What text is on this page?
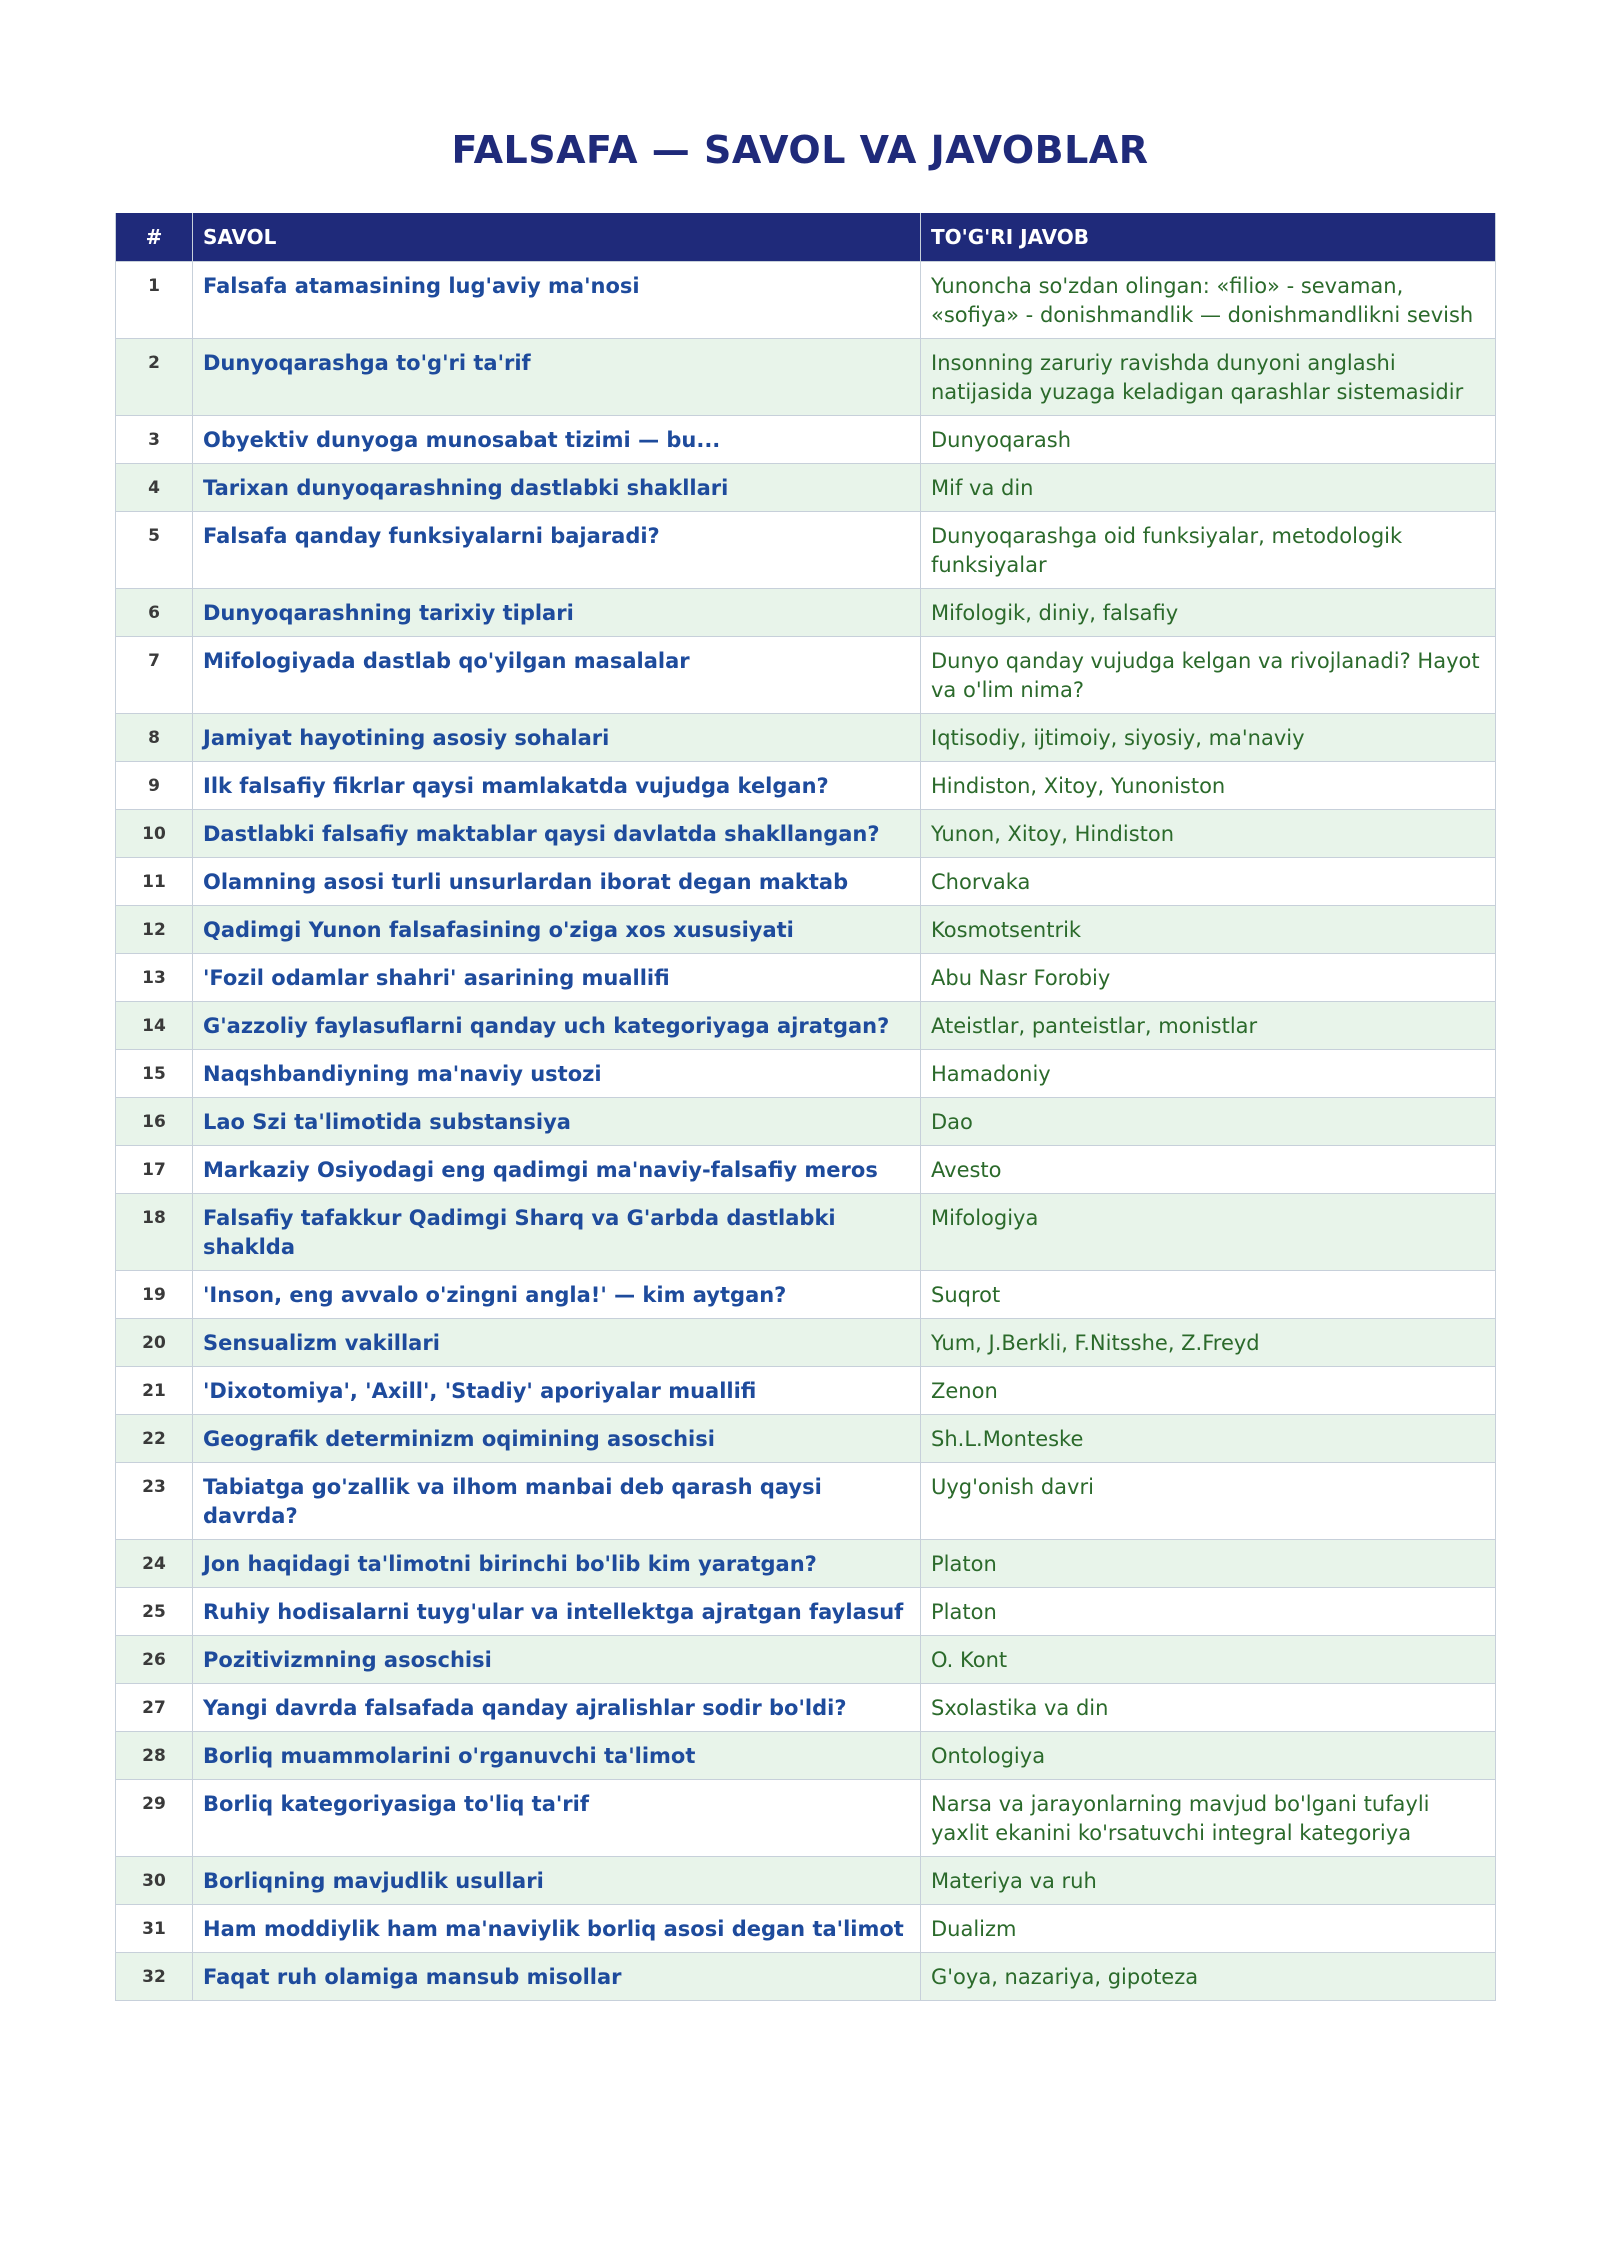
FALSAFA — SAVOL VA JAVOBLAR
#	SAVOL	TO'G'RI JAVOB
1	Falsafa atamasining lug'aviy ma'nosi	Yunoncha so'zdan olingan: «filio» - sevaman, «sofiya» - donishmandlik — donishmandlikni sevish
2	Dunyoqarashga to'g'ri ta'rif	Insonning zaruriy ravishda dunyoni anglashi natijasida yuzaga keladigan qarashlar sistemasidir
3	Obyektiv dunyoga munosabat tizimi — bu...	Dunyoqarash
4	Tarixan dunyoqarashning dastlabki shakllari	Mif va din
5	Falsafa qanday funksiyalarni bajaradi?	Dunyoqarashga oid funksiyalar, metodologik funksiyalar
6	Dunyoqarashning tarixiy tiplari	Mifologik, diniy, falsafiy
7	Mifologiyada dastlab qo'yilgan masalalar	Dunyo qanday vujudga kelgan va rivojlanadi? Hayot va o'lim nima?
8	Jamiyat hayotining asosiy sohalari	Iqtisodiy, ijtimoiy, siyosiy, ma'naviy
9	Ilk falsafiy fikrlar qaysi mamlakatda vujudga kelgan?	Hindiston, Xitoy, Yunoniston
10	Dastlabki falsafiy maktablar qaysi davlatda shakllangan?	Yunon, Xitoy, Hindiston
11	Olamning asosi turli unsurlardan iborat degan maktab	Chorvaka
12	Qadimgi Yunon falsafasining o'ziga xos xususiyati	Kosmotsentrik
13	'Fozil odamlar shahri' asarining muallifi	Abu Nasr Forobiy
14	G'azzoliy faylasuflarni qanday uch kategoriyaga ajratgan?	Ateistlar, panteistlar, monistlar
15	Naqshbandiyning ma'naviy ustozi	Hamadoniy
16	Lao Szi ta'limotida substansiya	Dao
17	Markaziy Osiyodagi eng qadimgi ma'naviy-falsafiy meros	Avesto
18	Falsafiy tafakkur Qadimgi Sharq va G'arbda dastlabki shaklda	Mifologiya
19	'Inson, eng avvalo o'zingni angla!' — kim aytgan?	Suqrot
20	Sensualizm vakillari	Yum, J.Berkli, F.Nitsshe, Z.Freyd
21	'Dixotomiya', 'Axill', 'Stadiy' aporiyalar muallifi	Zenon
22	Geografik determinizm oqimining asoschisi	Sh.L.Monteske
23	Tabiatga go'zallik va ilhom manbai deb qarash qaysi davrda?	Uyg'onish davri
24	Jon haqidagi ta'limotni birinchi bo'lib kim yaratgan?	Platon
25	Ruhiy hodisalarni tuyg'ular va intellektga ajratgan faylasuf	Platon
26	Pozitivizmning asoschisi	O. Kont
27	Yangi davrda falsafada qanday ajralishlar sodir bo'ldi?	Sxolastika va din
28	Borliq muammolarini o'rganuvchi ta'limot	Ontologiya
29	Borliq kategoriyasiga to'liq ta'rif	Narsa va jarayonlarning mavjud bo'lgani tufayli yaxlit ekanini ko'rsatuvchi integral kategoriya
30	Borliqning mavjudlik usullari	Materiya va ruh
31	Ham moddiylik ham ma'naviylik borliq asosi degan ta'limot	Dualizm
32	Faqat ruh olamiga mansub misollar	G'oya, nazariya, gipoteza
